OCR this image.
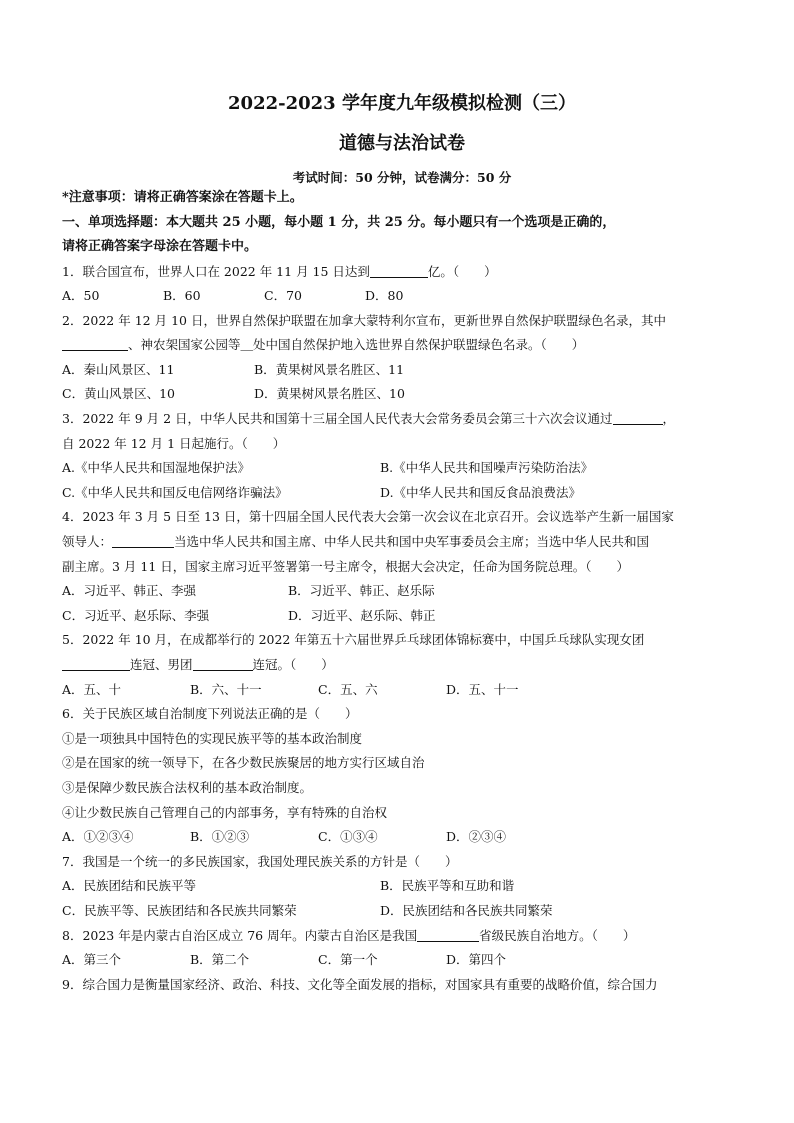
2022-2023 学年度九年级模拟检测（三）
道德与法治试卷
考试时间：50 分钟，试卷满分：50 分
*注意事项：请将正确答案涂在答题卡上。
一、单项选择题：本大题共 25 小题，每小题 1 分，共 25 分。每小题只有一个选项是正确的，
请将正确答案字母涂在答题卡中。
1．联合国宣布，世界人口在 2022 年 11 月 15 日达到	亿。（　　）
A．50	B．60	C．70	D．80
2．2022 年 12 月 10 日，世界自然保护联盟在加拿大蒙特利尔宣布，更新世界自然保护联盟绿色名录，其中
、神农架国家公园等＿处中国自然保护地入选世界自然保护联盟绿色名录。（　　）
A．秦山风景区、11	B．黄果树风景名胜区、11
C．黄山风景区、10	D．黄果树风景名胜区、10
3．2022 年 9 月 2 日，中华人民共和国第十三届全国人民代表大会常务委员会第三十六次会议通过	，
自 2022 年 12 月 1 日起施行。（　　）
A.《中华人民共和国湿地保护法》	B.《中华人民共和国噪声污染防治法》
C.《中华人民共和国反电信网络诈骗法》	D.《中华人民共和国反食品浪费法》
4．2023 年 3 月 5 日至 13 日，第十四届全国人民代表大会第一次会议在北京召开。会议选举产生新一届国家
领导人：	当选中华人民共和国主席、中华人民共和国中央军事委员会主席；当选中华人民共和国
副主席。3 月 11 日，国家主席习近平签署第一号主席令，根据大会决定，任命为国务院总理。（　　）
A．习近平、韩正、李强	B．习近平、韩正、赵乐际
C．习近平、赵乐际、李强	D．习近平、赵乐际、韩正
5．2022 年 10 月，在成都举行的 2022 年第五十六届世界乒乓球团体锦标赛中，中国乒乓球队实现女团
连冠、男团	连冠。（　　）
A．五、十	B．六、十一	C．五、六	D．五、十一
6．关于民族区域自治制度下列说法正确的是（　　）
①是一项独具中国特色的实现民族平等的基本政治制度
②是在国家的统一领导下，在各少数民族聚居的地方实行区域自治
③是保障少数民族合法权利的基本政治制度。
④让少数民族自己管理自己的内部事务，享有特殊的自治权
A．①②③④	B．①②③	C．①③④	D．②③④
7．我国是一个统一的多民族国家，我国处理民族关系的方针是（　　）
A．民族团结和民族平等	B．民族平等和互助和谐
C．民族平等、民族团结和各民族共同繁荣	D．民族团结和各民族共同繁荣
8．2023 年是内蒙古自治区成立 76 周年。内蒙古自治区是我国	省级民族自治地方。（　　）
A．第三个	B．第二个	C．第一个	D．第四个
9．综合国力是衡量国家经济、政治、科技、文化等全面发展的指标，对国家具有重要的战略价值，综合国力
